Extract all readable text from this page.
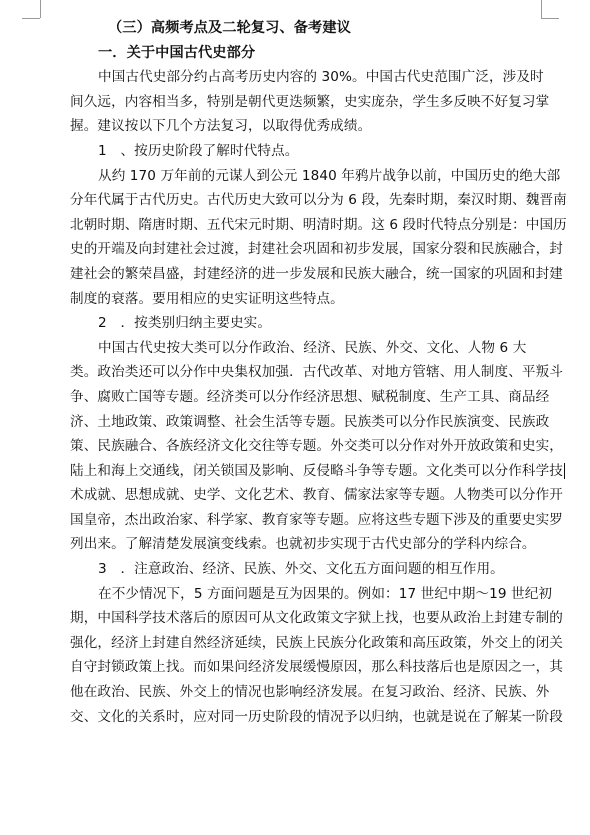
（三）高频考点及二轮复习、备考建议
一．关于中国古代史部分
中国古代史部分约占高考历史内容的 30%。中国古代史范围广泛，涉及时
间久远，内容相当多，特别是朝代更迭频繁，史实庞杂，学生多反映不好复习掌
握。建议按以下几个方法复习，以取得优秀成绩。
1　、按历史阶段了解时代特点。
从约 170 万年前的元谋人到公元 1840 年鸦片战争以前，中国历史的绝大部
分年代属于古代历史。古代历史大致可以分为 6 段，先秦时期，秦汉时期、魏晋南
北朝时期、隋唐时期、五代宋元时期、明清时期。这 6 段时代特点分别是：中国历
史的开端及向封建社会过渡，封建社会巩固和初步发展，国家分裂和民族融合，封
建社会的繁荣昌盛，封建经济的进一步发展和民族大融合，统一国家的巩固和封建
制度的衰落。要用相应的史实证明这些特点。
2　．按类别归纳主要史实。
中国古代史按大类可以分作政治、经济、民族、外交、文化、人物 6 大
类。政治类还可以分作中央集权加强．古代改革、对地方管辖、用人制度、平叛斗
争、腐败亡国等专题。经济类可以分作经济思想、赋税制度、生产工具、商品经
济、土地政策、政策调整、社会生活等专题。民族类可以分作民族演变、民族政
策、民族融合、各族经济文化交往等专题。外交类可以分作对外开放政策和史实，
陆上和海上交通线，闭关锁国及影响、反侵略斗争等专题。文化类可以分作科学技
术成就、思想成就、史学、文化艺术、教育、儒家法家等专题。人物类可以分作开
国皇帝，杰出政治家、科学家、教育家等专题。应将这些专题下涉及的重要史实罗
列出来。了解清楚发展演变线索。也就初步实现于古代史部分的学科内综合。
3　．注意政治、经济、民族、外交、文化五方面问题的相互作用。
在不少情况下，5 方面问题是互为因果的。例如：17 世纪中期～19 世纪初
期，中国科学技术落后的原因可从文化政策文字狱上找，也要从政治上封建专制的
强化，经济上封建自然经济延续，民族上民族分化政策和高压政策，外交上的闭关
自守封锁政策上找。而如果问经济发展缓慢原因，那么科技落后也是原因之一，其
他在政治、民族、外交上的情况也影响经济发展。在复习政治、经济、民族、外
交、文化的关系时，应对同一历史阶段的情况予以归纳，也就是说在了解某一阶段
